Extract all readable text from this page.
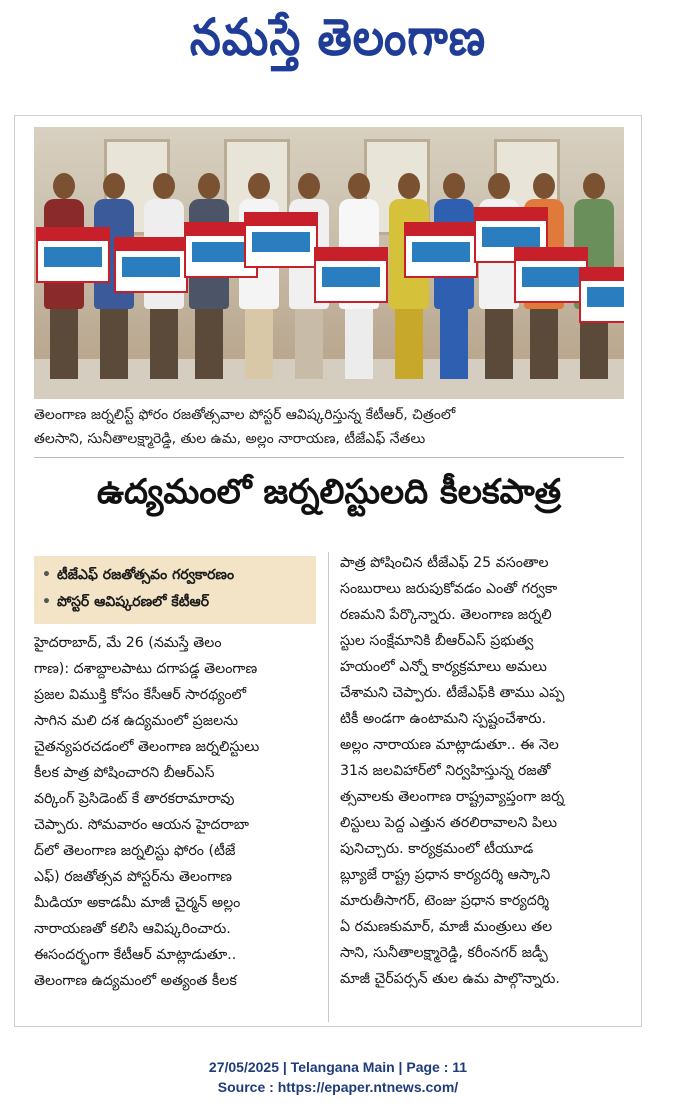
నమస్తే తెలంగాణ
తెలంగాణ జర్నలిస్ట్ ఫోరం రజతోత్సవాల పోస్టర్ ఆవిష్కరిస్తున్న కేటీఆర్, చిత్రంలో
తలసాని, సునీతాలక్ష్మారెడ్డి, తుల ఉమ, అల్లం నారాయణ, టీజేఎఫ్ నేతలు
ఉద్యమంలో జర్నలిస్టులది కీలకపాత్ర
• టీజేఎఫ్ రజతోత్సవం గర్వకారణం
• పోస్టర్ ఆవిష్కరణలో కేటీఆర్
హైదరాబాద్, మే 26 (నమస్తే తెలం
గాణ): దశాబ్దాలపాటు దగాపడ్డ తెలంగాణ
ప్రజల విముక్తి కోసం కేసీఆర్ సారథ్యంలో
సాగిన మలి దశ ఉద్యమంలో ప్రజలను
చైతన్యపరచడంలో తెలంగాణ జర్నలిస్టులు
కీలక పాత్ర పోషించారని బీఆర్ఎస్
వర్కింగ్ ప్రెసిడెంట్ కే తారకరామారావు
చెప్పారు. సోమవారం ఆయన హైదరాబా
ద్‌లో తెలంగాణ జర్నలిస్టు ఫోరం (టీజే
ఎఫ్) రజతోత్సవ పోస్టర్‌ను తెలంగాణ
మీడియా అకాడమీ మాజీ చైర్మన్ అల్లం
నారాయణతో కలిసి ఆవిష్కరించారు.
ఈసందర్భంగా కేటీఆర్ మాట్లాడుతూ..
తెలంగాణ ఉద్యమంలో అత్యంత కీలక
పాత్ర పోషించిన టీజేఎఫ్ 25 వసంతాల
సంబురాలు జరుపుకోవడం ఎంతో గర్వకా
రణమని పేర్కొన్నారు. తెలంగాణ జర్నలి
స్టుల సంక్షేమానికి బీఆర్ఎస్ ప్రభుత్వ
హయంలో ఎన్నో కార్యక్రమాలు అమలు
చేశామని చెప్పారు. టీజేఎఫ్‌కి తాము ఎప్ప
టికీ అండగా ఉంటామని స్పష్టంచేశారు.
అల్లం నారాయణ మాట్లాడుతూ.. ఈ నెల
31న జలవిహార్‌లో నిర్వహిస్తున్న రజతో
త్సవాలకు తెలంగాణ రాష్ట్రవ్యాప్తంగా జర్న
లిస్టులు పెద్ద ఎత్తున తరలిరావాలని పిలు
పునిచ్చారు. కార్యక్రమంలో టీయూడ
బ్ల్యూజే రాష్ట్ర ప్రధాన కార్యదర్శి ఆస్కాని
మారుతీసాగర్, టెంజు ప్రధాన కార్యదర్శి
ఏ రమణకుమార్, మాజీ మంత్రులు తల
సాని, సునీతాలక్ష్మారెడ్డి, కరీంనగర్ జడ్పీ
మాజీ చైర్‌పర్సన్ తుల ఉమ పాల్గొన్నారు.
27/05/2025 | Telangana Main | Page : 11
Source : https://epaper.ntnews.com/
